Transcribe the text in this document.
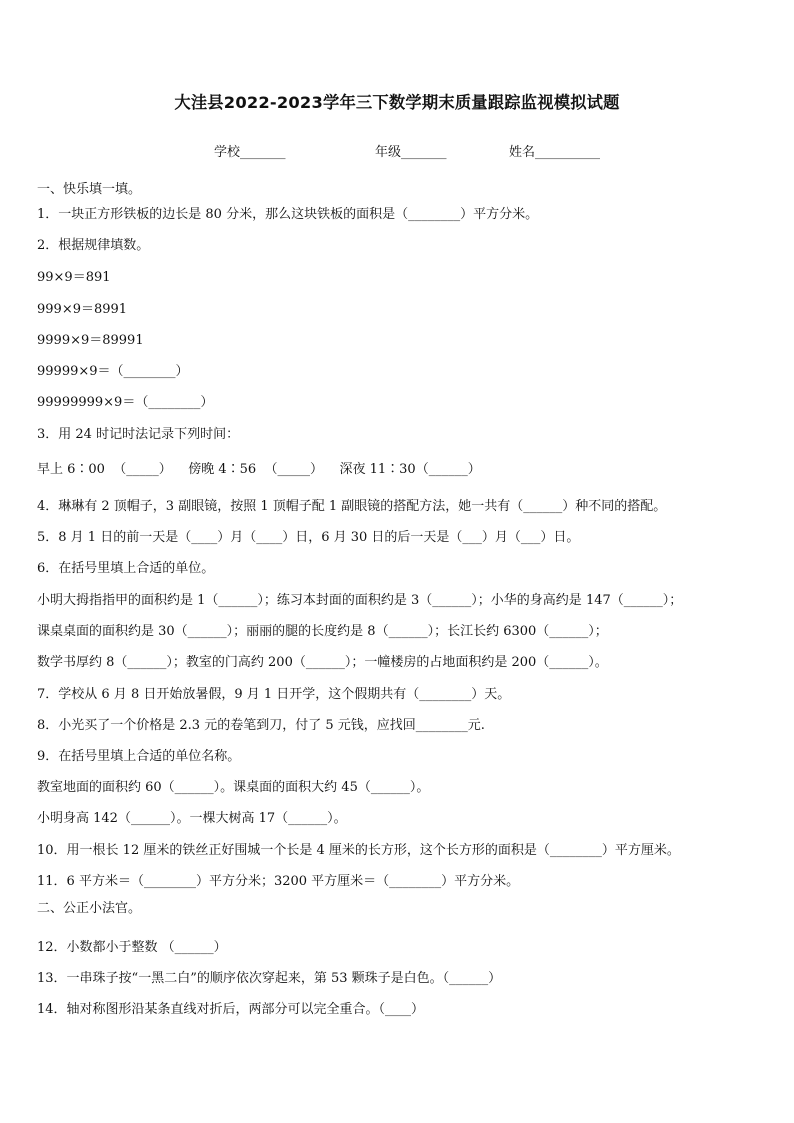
大洼县2022-2023学年三下数学期末质量跟踪监视模拟试题
学校_______	年级_______	姓名__________
一、快乐填一填。
1．一块正方形铁板的边长是 80 分米，那么这块铁板的面积是（________）平方分米。
2．根据规律填数。
99×9＝891
999×9＝8991
9999×9＝89991
99999×9＝（________）
99999999×9＝（________）
3．用 24 时记时法记录下列时间：
早上 6∶00  （_____）    傍晚 4∶56  （_____）    深夜 11∶30（______）
4．琳琳有 2 顶帽子，3 副眼镜，按照 1 顶帽子配 1 副眼镜的搭配方法，她一共有（______）种不同的搭配。
5．8 月 1 日的前一天是（____）月（____）日，6 月 30 日的后一天是（___）月（___）日。
6．在括号里填上合适的单位。
小明大拇指指甲的面积约是 1（______）；练习本封面的面积约是 3（______）；小华的身高约是 147（______）；
课桌桌面的面积约是 30（______）；丽丽的腿的长度约是 8（______）；长江长约 6300（______）；
数学书厚约 8（______）；教室的门高约 200（______）；一幢楼房的占地面积约是 200（______）。
7．学校从 6 月 8 日开始放暑假，9 月 1 日开学，这个假期共有（________）天。
8．小光买了一个价格是 2.3 元的卷笔到刀，付了 5 元钱，应找回________元.
9．在括号里填上合适的单位名称。
教室地面的面积约 60（______）。课桌面的面积大约 45（______）。
小明身高 142（______）。一棵大树高 17（______）。
10．用一根长 12 厘米的铁丝正好围城一个长是 4 厘米的长方形，这个长方形的面积是（________）平方厘米。
11．6 平方米＝（________）平方分米；3200 平方厘米＝（________）平方分米。
二、公正小法官。
12．小数都小于整数 （______）
13．一串珠子按“一黑二白”的顺序依次穿起来，第 53 颗珠子是白色。（______）
14．轴对称图形沿某条直线对折后，两部分可以完全重合。（____）
